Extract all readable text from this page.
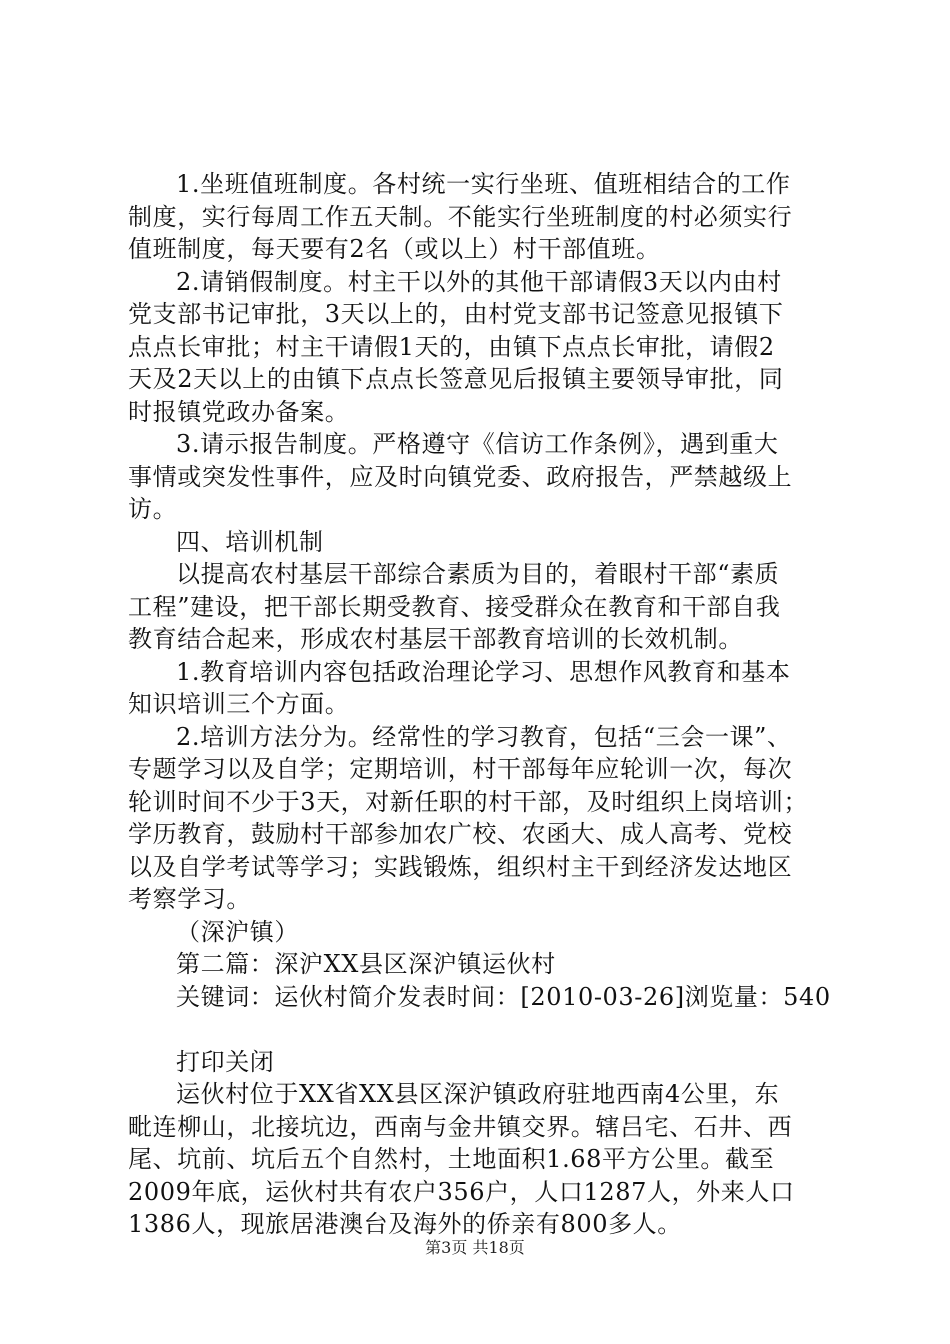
1.坐班值班制度。各村统一实行坐班、值班相结合的工作
制度，实行每周工作五天制。不能实行坐班制度的村必须实行
值班制度，每天要有2名（或以上）村干部值班。
2.请销假制度。村主干以外的其他干部请假3天以内由村
党支部书记审批，3天以上的，由村党支部书记签意见报镇下
点点长审批；村主干请假1天的，由镇下点点长审批，请假2
天及2天以上的由镇下点点长签意见后报镇主要领导审批，同
时报镇党政办备案。
3.请示报告制度。严格遵守《信访工作条例》，遇到重大
事情或突发性事件，应及时向镇党委、政府报告，严禁越级上
访。
四、培训机制
以提高农村基层干部综合素质为目的，着眼村干部“素质
工程”建设，把干部长期受教育、接受群众在教育和干部自我
教育结合起来，形成农村基层干部教育培训的长效机制。
1.教育培训内容包括政治理论学习、思想作风教育和基本
知识培训三个方面。
2.培训方法分为。经常性的学习教育，包括“三会一课”、
专题学习以及自学；定期培训，村干部每年应轮训一次，每次
轮训时间不少于3天，对新任职的村干部，及时组织上岗培训；
学历教育，鼓励村干部参加农广校、农函大、成人高考、党校
以及自学考试等学习；实践锻炼，组织村主干到经济发达地区
考察学习。
（深沪镇）
第二篇：深沪XX县区深沪镇运伙村
关键词：运伙村简介发表时间：[2010-03-26]浏览量：540
打印关闭
运伙村位于XX省XX县区深沪镇政府驻地西南4公里，东
毗连柳山，北接坑边，西南与金井镇交界。辖吕宅、石井、西
尾、坑前、坑后五个自然村，土地面积1.68平方公里。截至
2009年底，运伙村共有农户356户，人口1287人，外来人口
1386人，现旅居港澳台及海外的侨亲有800多人。
第3页 共18页
